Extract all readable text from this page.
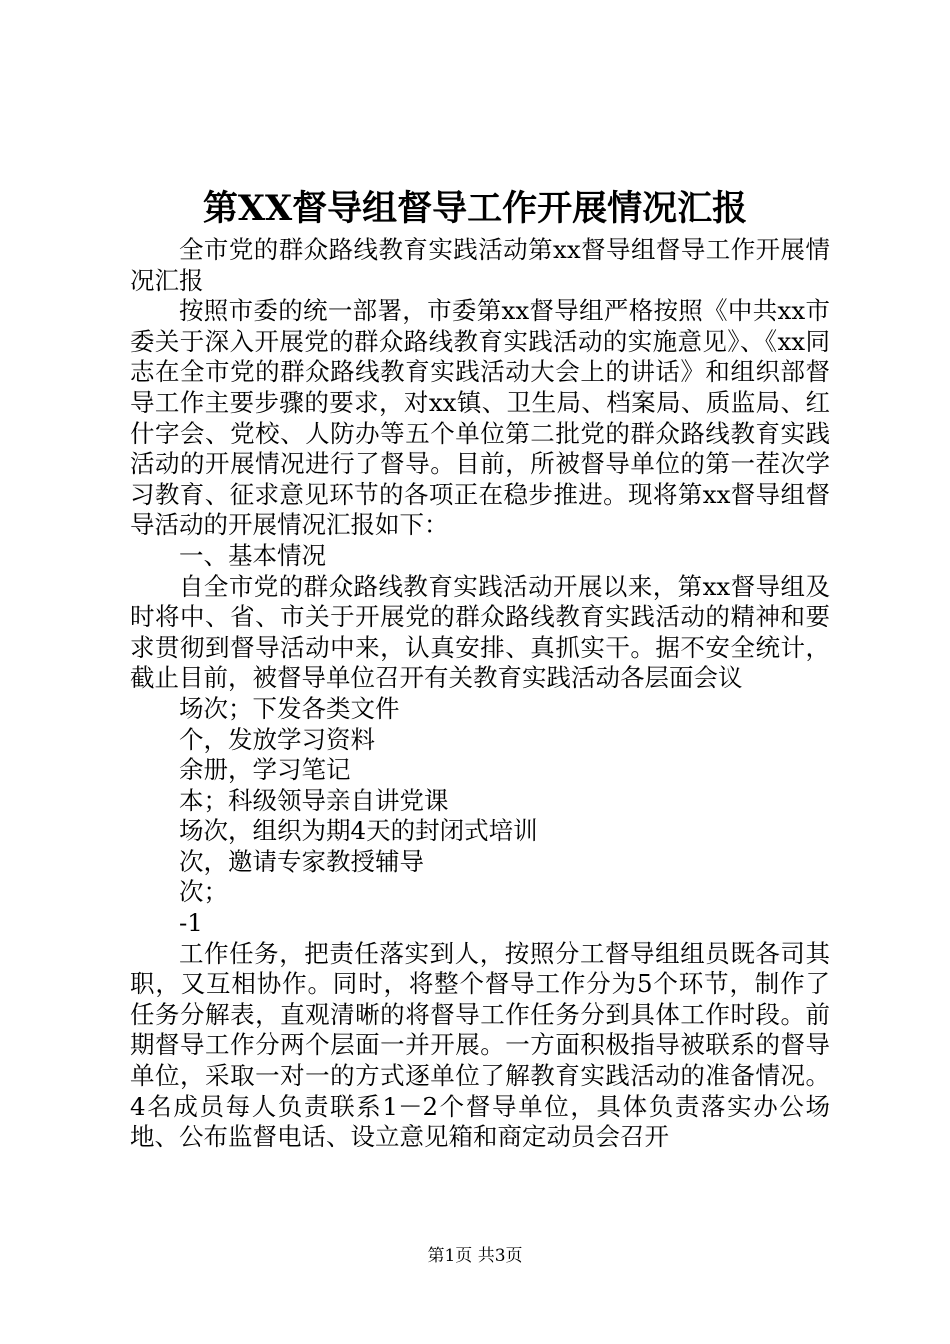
第XX督导组督导工作开展情况汇报

全市党的群众路线教育实践活动第xx督导组督导工作开展情况汇报

按照市委的统一部署，市委第xx督导组严格按照《中共xx市委关于深入开展党的群众路线教育实践活动的实施意见》、《xx同志在全市党的群众路线教育实践活动大会上的讲话》和组织部督导工作主要步骤的要求，对xx镇、卫生局、档案局、质监局、红什字会、党校、人防办等五个单位第二批党的群众路线教育实践活动的开展情况进行了督导。目前，所被督导单位的第一茬次学习教育、征求意见环节的各项正在稳步推进。现将第xx督导组督导活动的开展情况汇报如下：

一、基本情况

自全市党的群众路线教育实践活动开展以来，第xx督导组及时将中、省、市关于开展党的群众路线教育实践活动的精神和要求贯彻到督导活动中来，认真安排、真抓实干。据不安全统计，截止目前，被督导单位召开有关教育实践活动各层面会议

场次；下发各类文件

个，发放学习资料

余册，学习笔记

本；科级领导亲自讲党课

场次，组织为期4天的封闭式培训

次，邀请专家教授辅导

次；

-1

工作任务，把责任落实到人，按照分工督导组组员既各司其职，又互相协作。同时，将整个督导工作分为5个环节，制作了任务分解表，直观清晰的将督导工作任务分到具体工作时段。前期督导工作分两个层面一并开展。一方面积极指导被联系的督导单位，采取一对一的方式逐单位了解教育实践活动的准备情况。4名成员每人负责联系1－2个督导单位，具体负责落实办公场地、公布监督电话、设立意见箱和商定动员会召开

第1页 共3页
